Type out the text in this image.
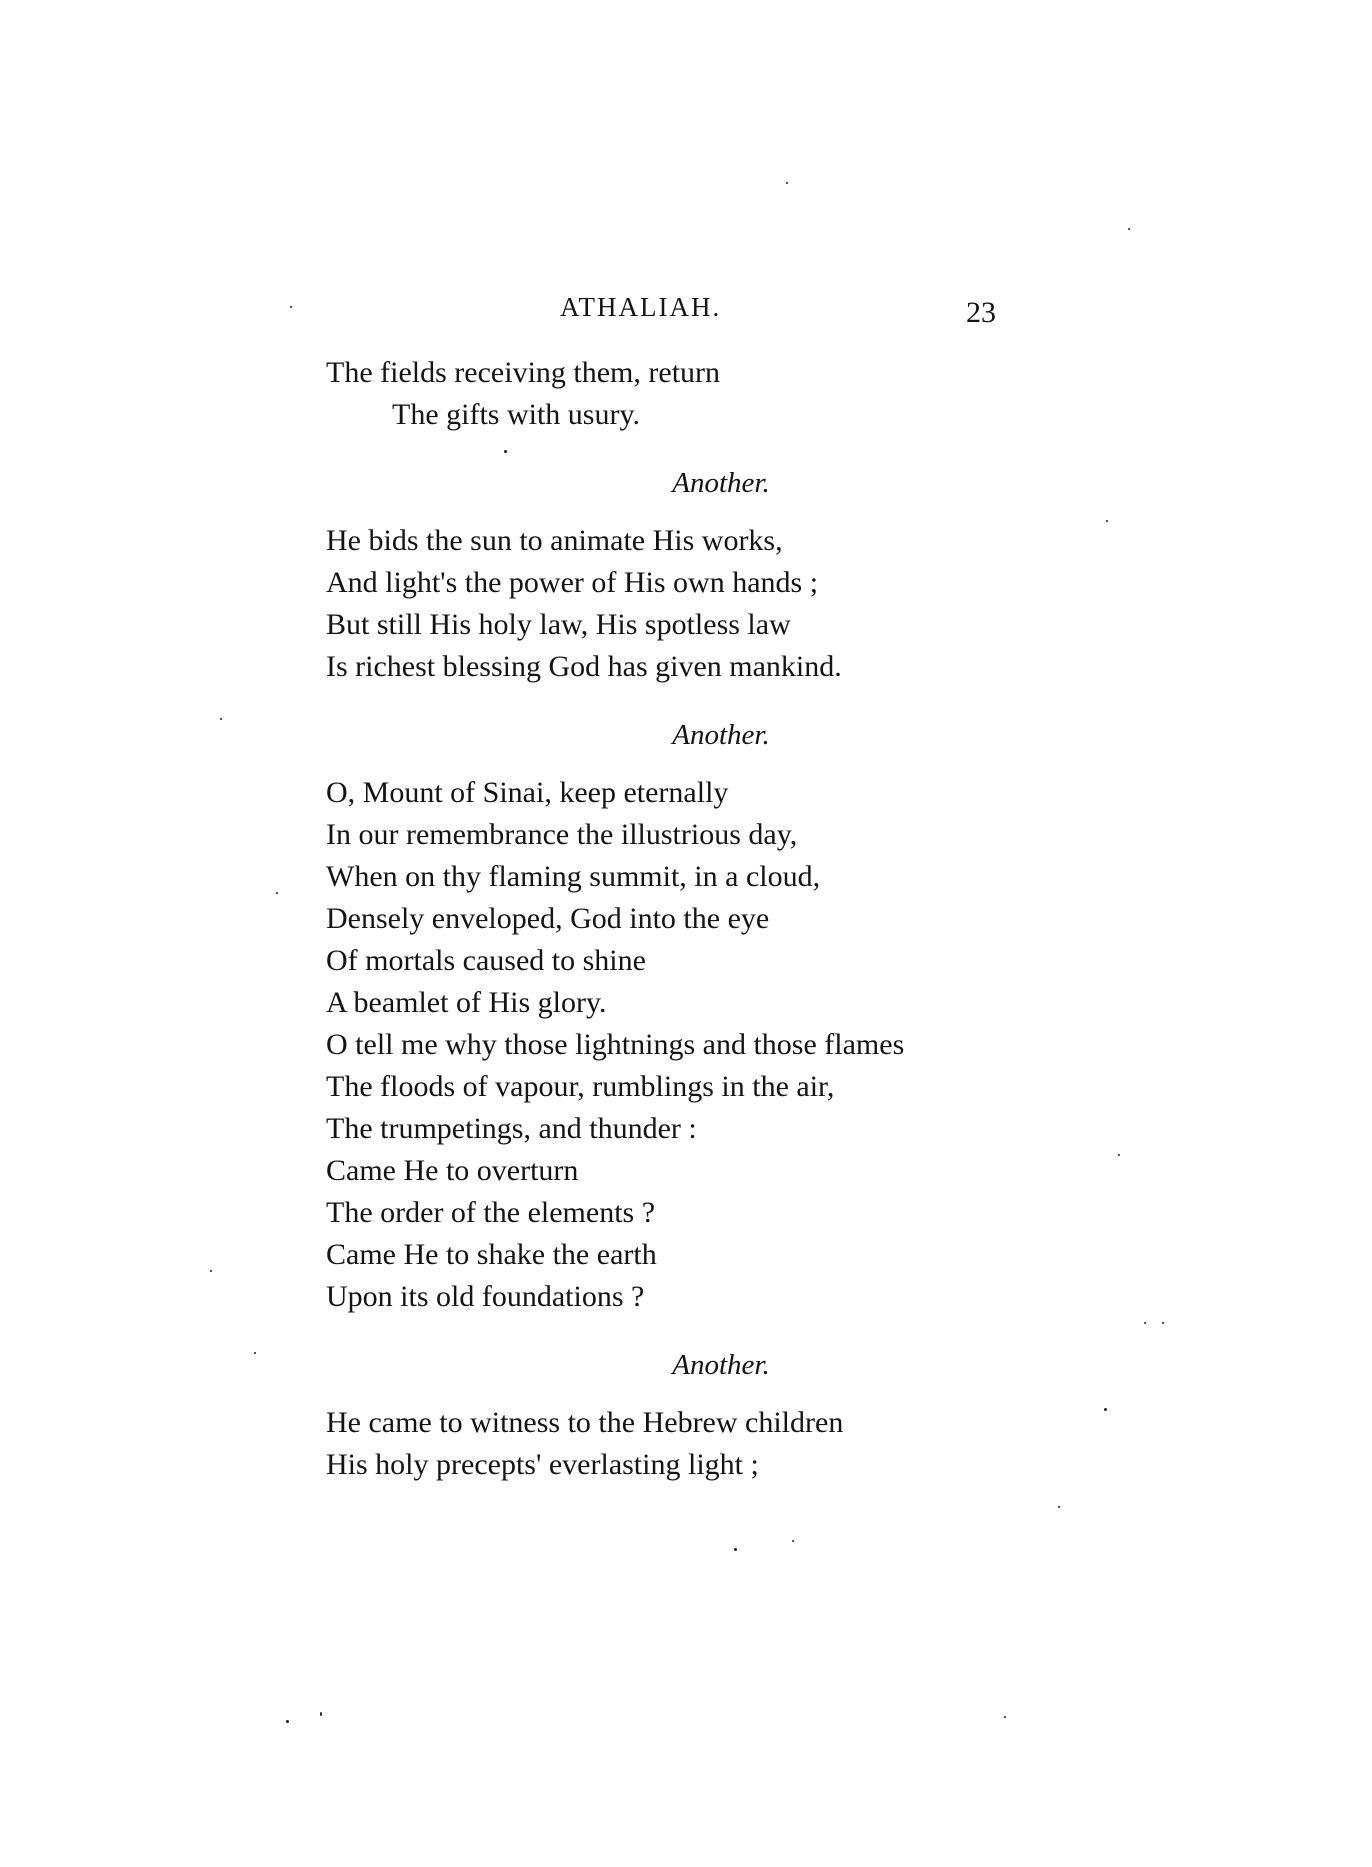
ATHALIAH.	23
The fields receiving them, return
The gifts with usury.
Another.
He bids the sun to animate His works,
And light's the power of His own hands ;
But still His holy law, His spotless law
Is richest blessing God has given mankind.
Another.
O, Mount of Sinai, keep eternally
In our remembrance the illustrious day,
When on thy flaming summit, in a cloud,
Densely enveloped, God into the eye
Of mortals caused to shine
A beamlet of His glory.
O tell me why those lightnings and those flames
The floods of vapour, rumblings in the air,
The trumpetings, and thunder :
Came He to overturn
The order of the elements ?
Came He to shake the earth
Upon its old foundations ?
Another.
He came to witness to the Hebrew children
His holy precepts' everlasting light ;
